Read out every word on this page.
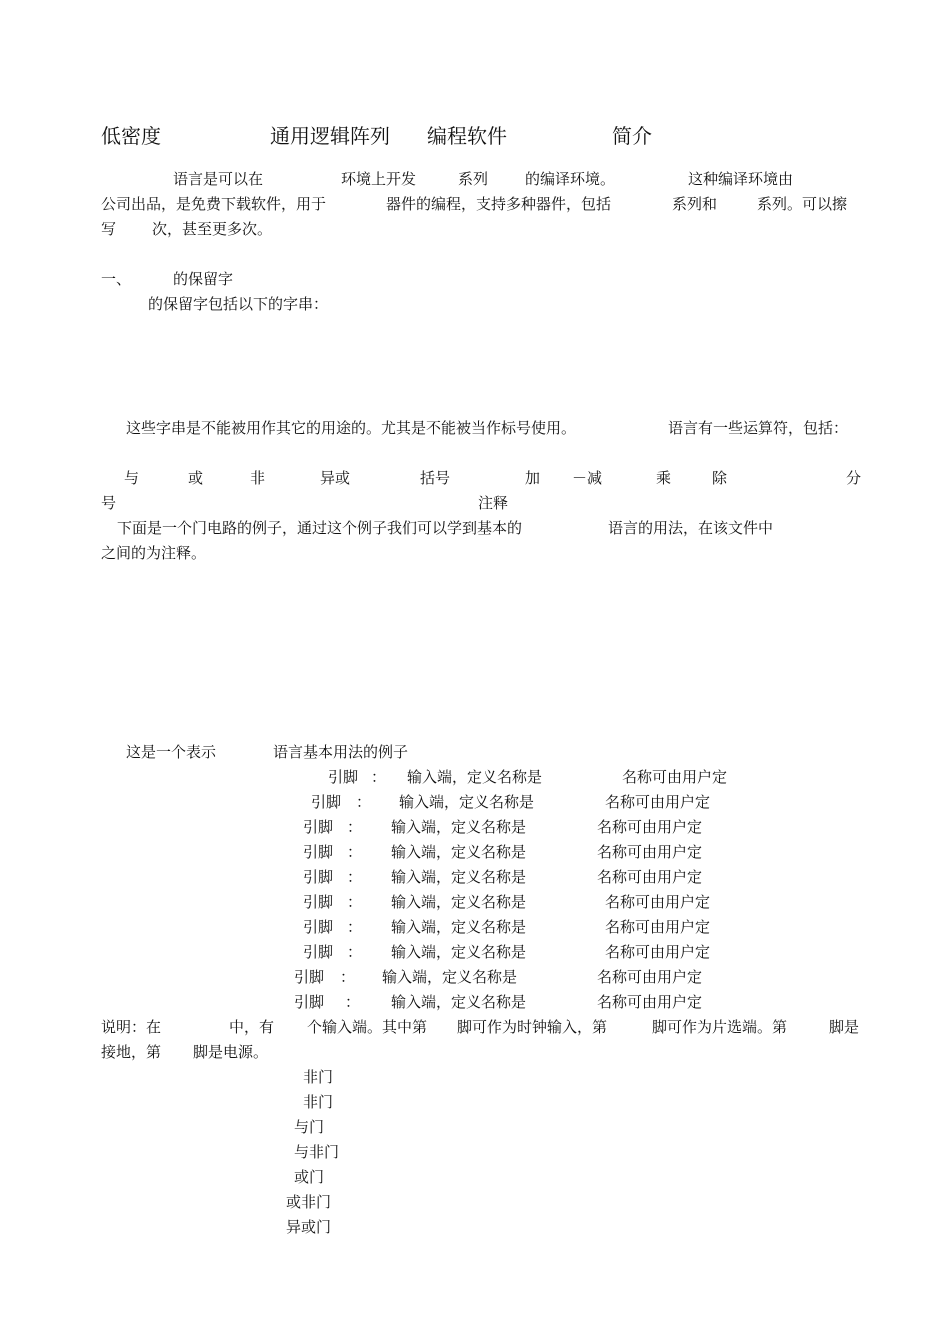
低密度	通用逻辑阵列 编程软件	简介
语言是可以在	环境上开发	系列 的编译环境。	这种编译环境由
公司出品，是免费下载软件，用于	器件的编程，支持多种器件，包括	系列和	系列。可以擦
写 次，甚至更多次。
一、	的保留字
的保留字包括以下的字串：
这些字串是不能被用作其它的用途的。尤其是不能被当作标号使用。	语言有一些运算符，包括：
与	或	非	异或	括号	加 －减	乘	除	分
号	注释
下面是一个门电路的例子，通过这个例子我们可以学到基本的	语言的用法，在该文件中
之间的为注释。
这是一个表示	语言基本用法的例子
引脚 ： 输入端，定义名称是	名称可由用户定
引脚 ： 输入端，定义名称是	名称可由用户定
引脚 ： 输入端，定义名称是	名称可由用户定
引脚 ： 输入端，定义名称是	名称可由用户定
引脚 ： 输入端，定义名称是	名称可由用户定
引脚 ： 输入端，定义名称是	名称可由用户定
引脚 ： 输入端，定义名称是	名称可由用户定
引脚 ： 输入端，定义名称是	名称可由用户定
引脚 ： 输入端，定义名称是	名称可由用户定
引脚 ： 输入端，定义名称是	名称可由用户定
说明：在	中，有 个输入端。其中第 脚可作为时钟输入，第	脚可作为片选端。第	脚是
接地，第 脚是电源。
非门
非门
与门
与非门
或门
或非门
异或门
